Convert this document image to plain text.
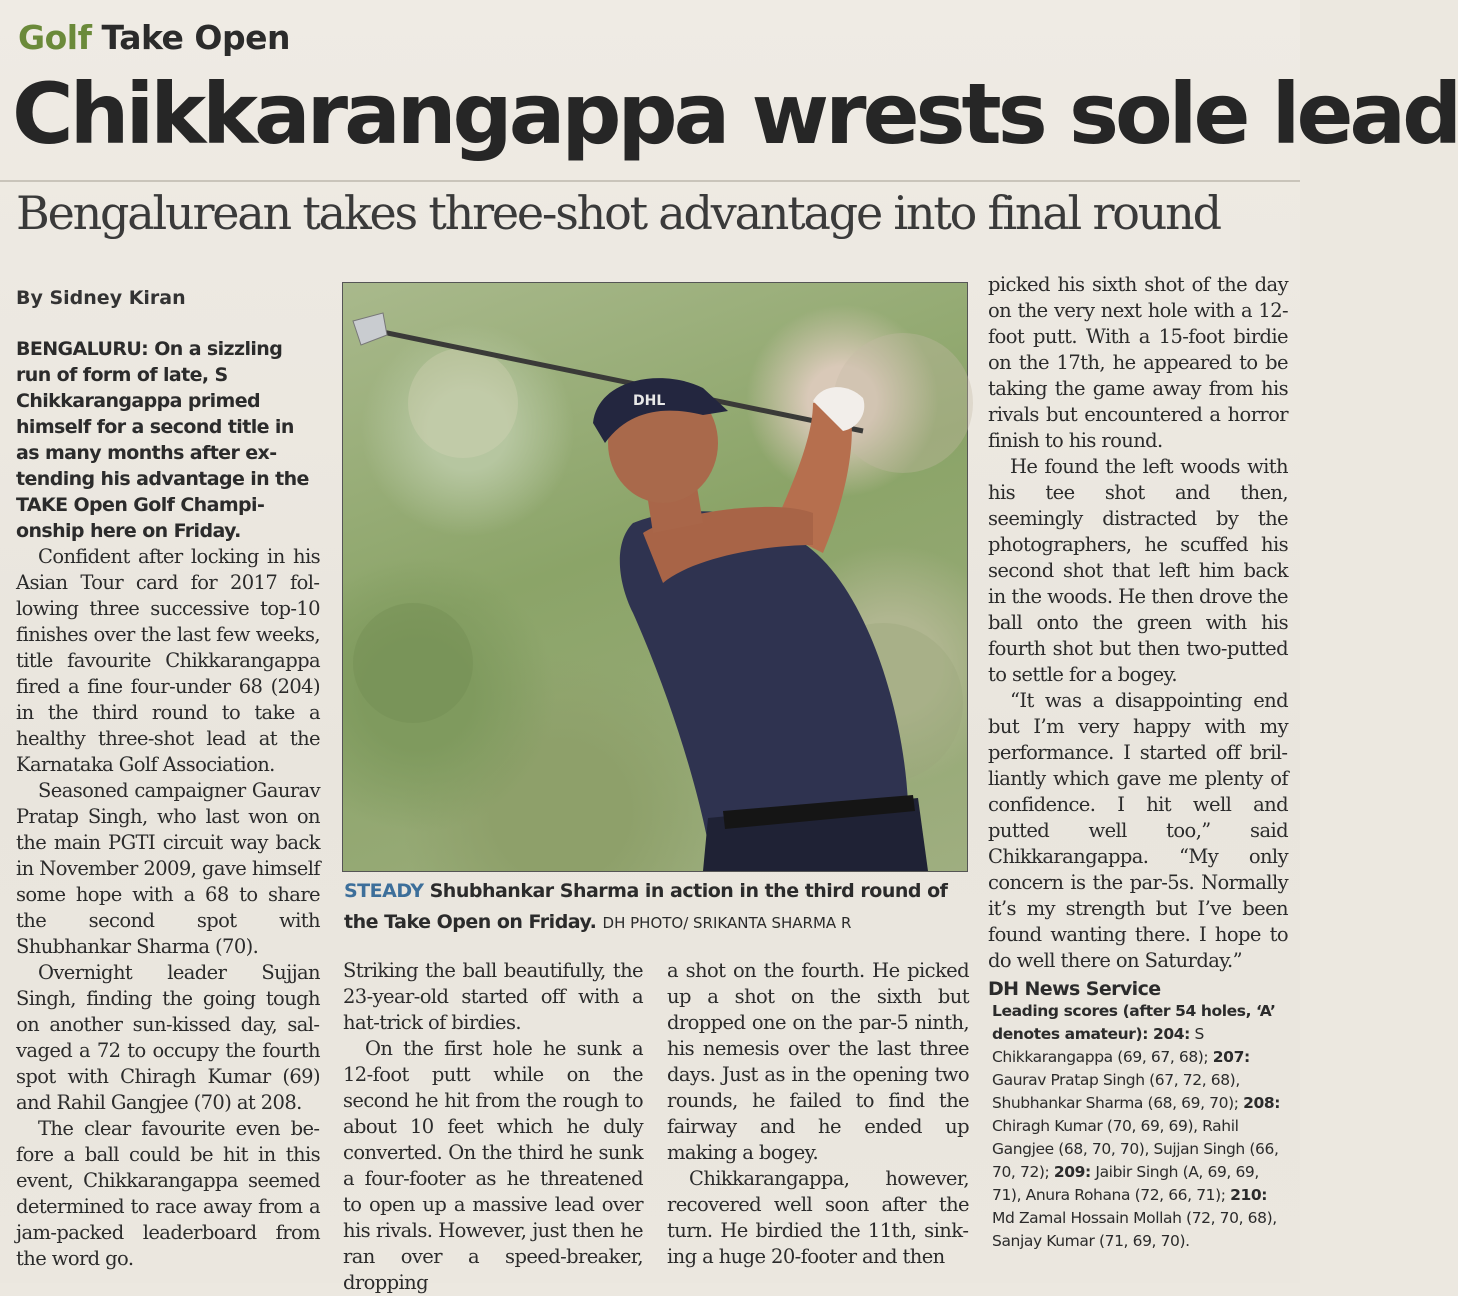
Golf Take Open
Chikkarangappa wrests sole lead
Bengalurean takes three-shot advantage into final round
By Sidney Kiran
BENGALURU: On a sizzling run of form of late, S Chikkarangappa primed himself for a second title in as many months after extending his advantage in the TAKE Open Golf Championship here on Friday.

Confident after locking in his Asian Tour card for 2017 following three successive top-10 finishes over the last few weeks, title favourite Chikkarangappa fired a fine four-under 68 (204) in the third round to take a healthy three-shot lead at the Karnataka Golf Association.

Seasoned campaigner Gaurav Pratap Singh, who last won on the main PGTI circuit way back in November 2009, gave himself some hope with a 68 to share the second spot with Shubhankar Sharma (70).

Overnight leader Sujjan Singh, finding the going tough on another sun-kissed day, salvaged a 72 to occupy the fourth spot with Chiragh Kumar (69) and Rahil Gangjee (70) at 208.

The clear favourite even before a ball could be hit in this event, Chikkarangappa seemed determined to race away from a jam-packed leaderboard from the word go.

DHL
STEADY Shubhankar Sharma in action in the third round of the Take Open on Friday. DH PHOTO/ SRIKANTA SHARMA R

Striking the ball beautifully, the 23-year-old started off with a hat-trick of birdies.

On the first hole he sunk a 12-foot putt while on the second he hit from the rough to about 10 feet which he duly converted. On the third he sunk a four-footer as he threatened to open up a massive lead over his rivals. However, just then he ran over a speed-breaker, dropping

a shot on the fourth. He picked up a shot on the sixth but dropped one on the par-5 ninth, his nemesis over the last three days. Just as in the opening two rounds, he failed to find the fairway and he ended up making a bogey.

Chikkarangappa, however, recovered well soon after the turn. He birdied the 11th, sinking a huge 20-footer and then

picked his sixth shot of the day on the very next hole with a 12-foot putt. With a 15-foot birdie on the 17th, he appeared to be taking the game away from his rivals but encountered a horror finish to his round.

He found the left woods with his tee shot and then, seemingly distracted by the photographers, he scuffed his second shot that left him back in the woods. He then drove the ball onto the green with his fourth shot but then two-putted to settle for a bogey.

“It was a disappointing end but I’m very happy with my performance. I started off brilliantly which gave me plenty of confidence. I hit well and putted well too,” said Chikkarangappa. “My only concern is the par-5s. Normally it’s my strength but I’ve been found wanting there. I hope to do well there on Saturday.”

DH News Service
Leading scores (after 54 holes, ‘A’ denotes amateur): 204: S Chikkarangappa (69, 67, 68); 207: Gaurav Pratap Singh (67, 72, 68), Shubhankar Sharma (68, 69, 70); 208: Chiragh Kumar (70, 69, 69), Rahil Gangjee (68, 70, 70), Sujjan Singh (66, 70, 72); 209: Jaibir Singh (A, 69, 69, 71), Anura Rohana (72, 66, 71); 210: Md Zamal Hossain Mollah (72, 70, 68), Sanjay Kumar (71, 69, 70).
